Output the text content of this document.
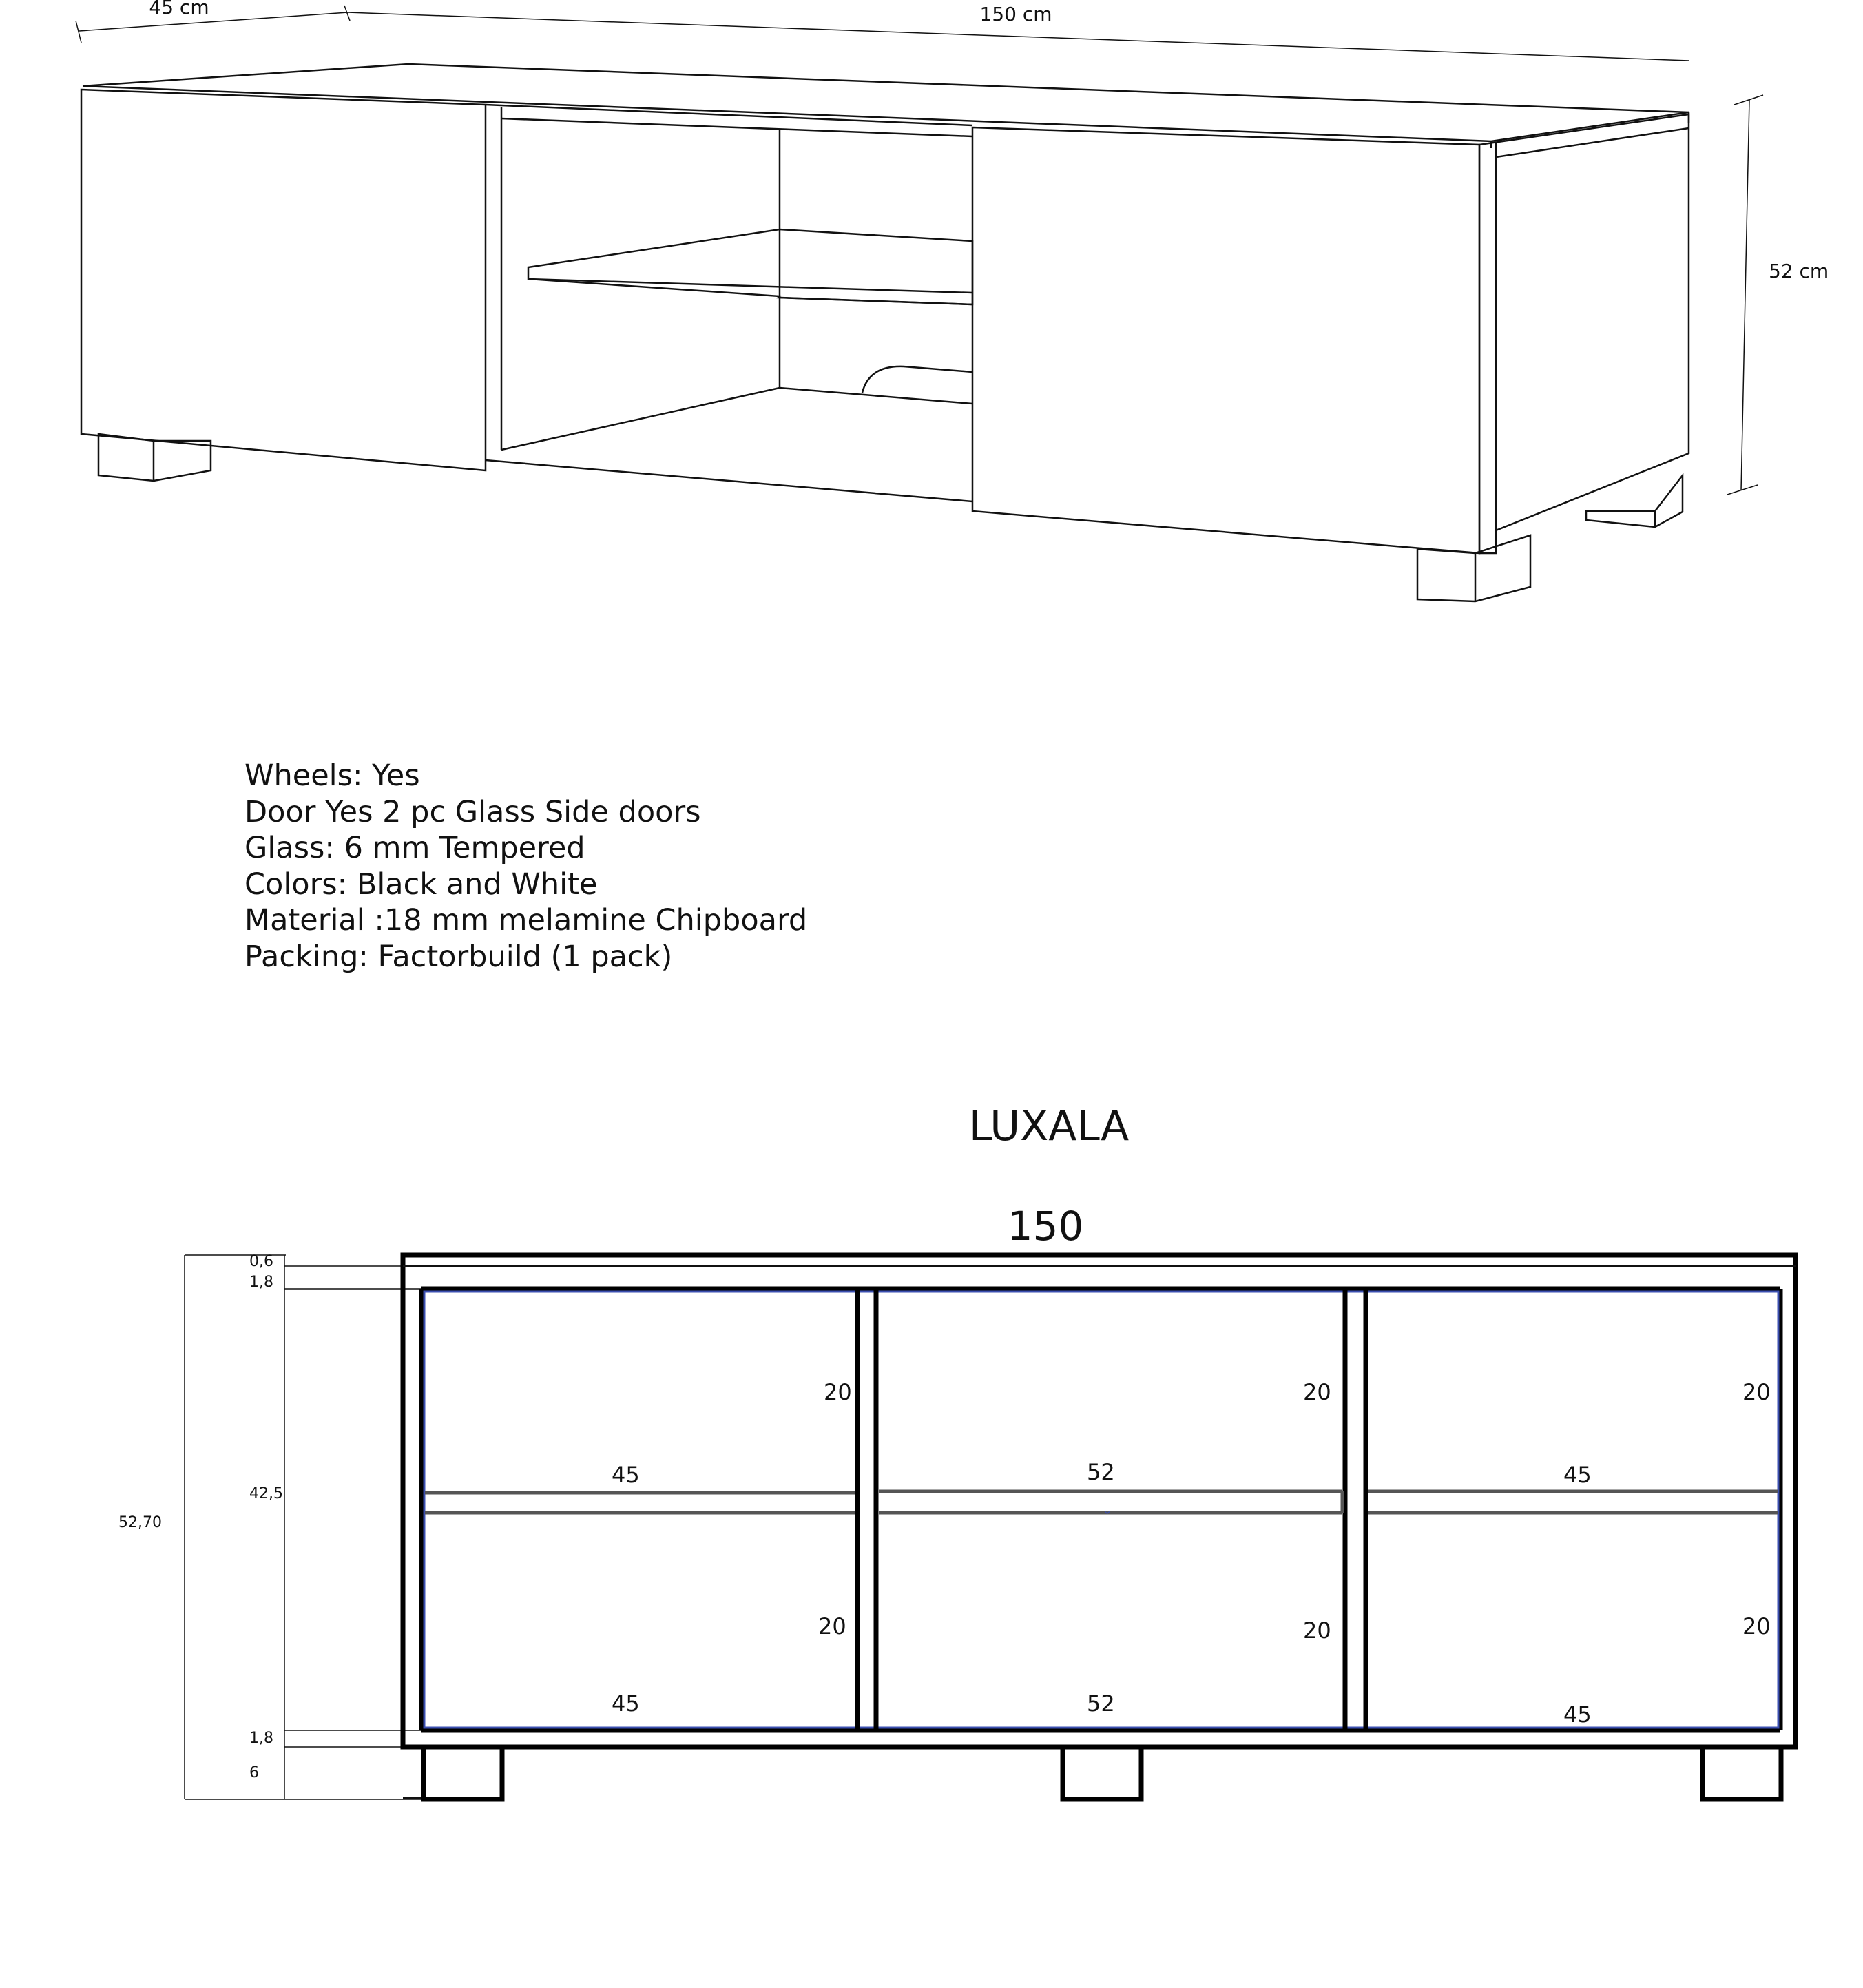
45 cm	150 cm
52 cm
LUXALA
150
0,6
1,8
42,5
52,70
1,8
6
20
45
20
52
20
45
20
45
20
52
20
45
⌄
Wheels: Yes
Door Yes 2 pc Glass Side doors
Glass: 6 mm Tempered
Colors: Black and White
Material :18 mm melamine Chipboard
Packing: Factorbuild (1 pack)
